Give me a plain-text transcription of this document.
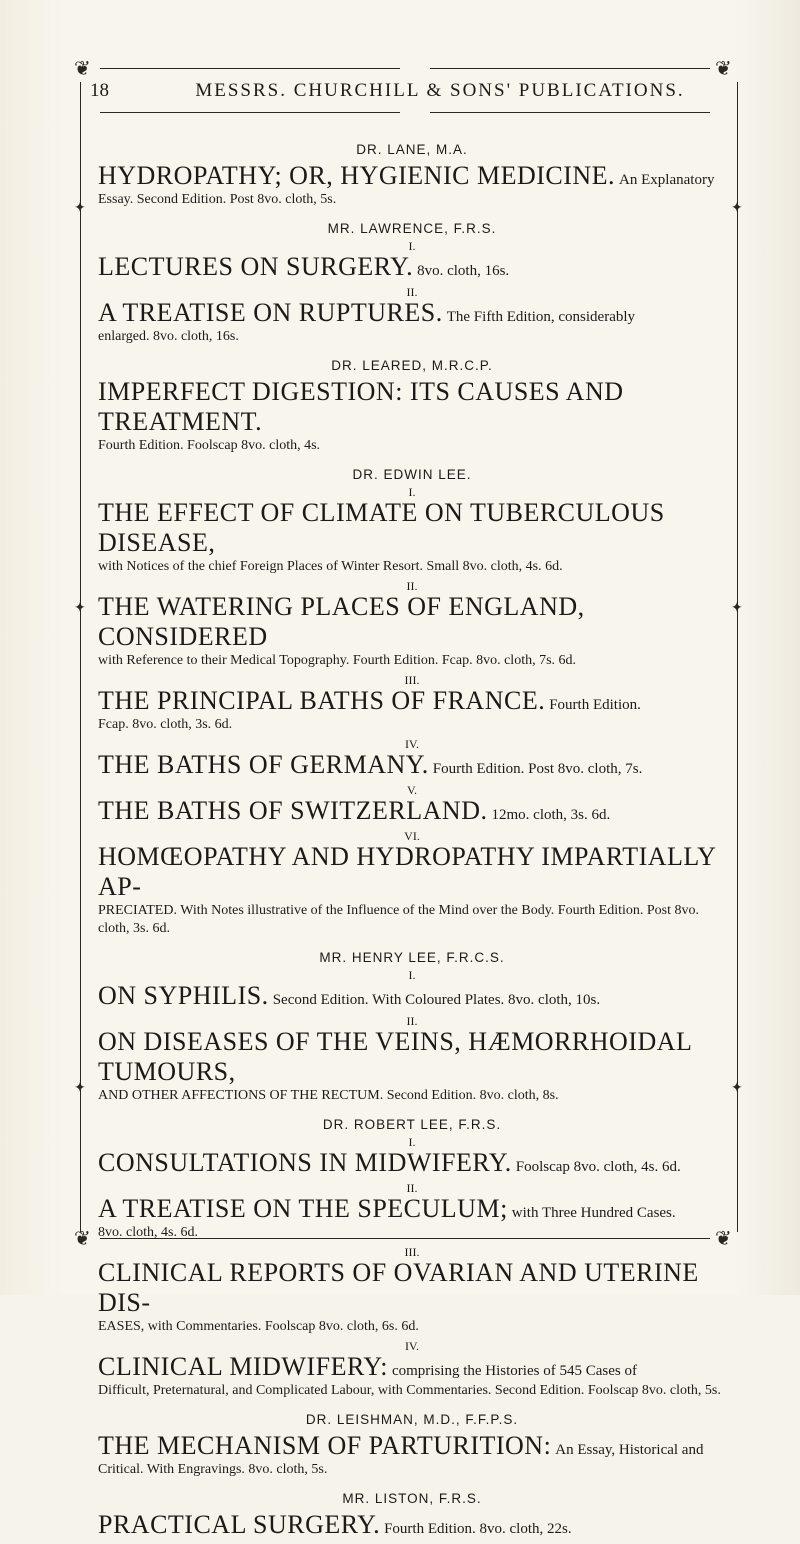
❦	❦
✦
✦
✦
✦
✦
✦
❦	❦
18	MESSRS. CHURCHILL & SONS' PUBLICATIONS.
DR. LANE, M.A.
HYDROPATHY; OR, HYGIENIC MEDICINE. An Explanatory
Essay. Second Edition. Post 8vo. cloth, 5s.
MR. LAWRENCE, F.R.S.
I.
LECTURES ON SURGERY. 8vo. cloth, 16s.
II.
A TREATISE ON RUPTURES. The Fifth Edition, considerably
enlarged. 8vo. cloth, 16s.
DR. LEARED, M.R.C.P.
IMPERFECT DIGESTION: ITS CAUSES AND TREATMENT.
Fourth Edition. Foolscap 8vo. cloth, 4s.
DR. EDWIN LEE.
I.
THE EFFECT OF CLIMATE ON TUBERCULOUS DISEASE,
with Notices of the chief Foreign Places of Winter Resort. Small 8vo. cloth, 4s. 6d.
II.
THE WATERING PLACES OF ENGLAND, CONSIDERED
with Reference to their Medical Topography. Fourth Edition. Fcap. 8vo. cloth, 7s. 6d.
III.
THE PRINCIPAL BATHS OF FRANCE. Fourth Edition.
Fcap. 8vo. cloth, 3s. 6d.
IV.
THE BATHS OF GERMANY. Fourth Edition. Post 8vo. cloth, 7s.
V.
THE BATHS OF SWITZERLAND. 12mo. cloth, 3s. 6d.
VI.
HOMŒOPATHY AND HYDROPATHY IMPARTIALLY AP-
PRECIATED. With Notes illustrative of the Influence of the Mind over the Body. Fourth Edition. Post 8vo. cloth, 3s. 6d.
MR. HENRY LEE, F.R.C.S.
I.
ON SYPHILIS. Second Edition. With Coloured Plates. 8vo. cloth, 10s.
II.
ON DISEASES OF THE VEINS, HÆMORRHOIDAL TUMOURS,
AND OTHER AFFECTIONS OF THE RECTUM. Second Edition. 8vo. cloth, 8s.
DR. ROBERT LEE, F.R.S.
I.
CONSULTATIONS IN MIDWIFERY. Foolscap 8vo. cloth, 4s. 6d.
II.
A TREATISE ON THE SPECULUM; with Three Hundred Cases.
8vo. cloth, 4s. 6d.
III.
CLINICAL REPORTS OF OVARIAN AND UTERINE DIS-
EASES, with Commentaries. Foolscap 8vo. cloth, 6s. 6d.
IV.
CLINICAL MIDWIFERY: comprising the Histories of 545 Cases of
Difficult, Preternatural, and Complicated Labour, with Commentaries. Second Edition. Foolscap 8vo. cloth, 5s.
DR. LEISHMAN, M.D., F.F.P.S.
THE MECHANISM OF PARTURITION: An Essay, Historical and
Critical. With Engravings. 8vo. cloth, 5s.
MR. LISTON, F.R.S.
PRACTICAL SURGERY. Fourth Edition. 8vo. cloth, 22s.
